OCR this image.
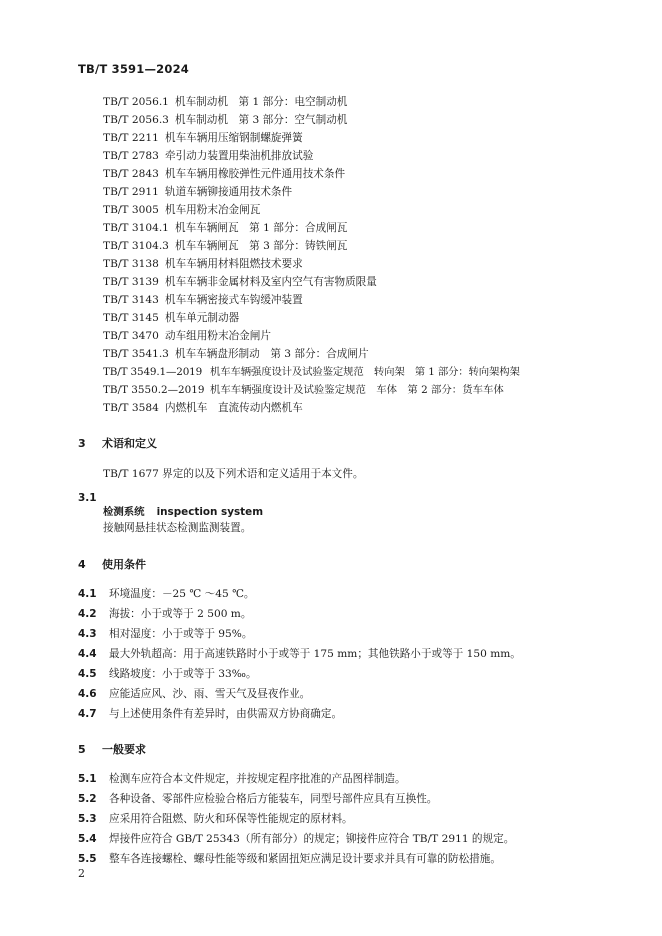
TB/T 3591—2024
TB/T 2056.1 机车制动机　第 1 部分：电空制动机
TB/T 2056.3 机车制动机　第 3 部分：空气制动机
TB/T 2211 机车车辆用压缩钢制螺旋弹簧
TB/T 2783 牵引动力装置用柴油机排放试验
TB/T 2843 机车车辆用橡胶弹性元件通用技术条件
TB/T 2911 轨道车辆铆接通用技术条件
TB/T 3005 机车用粉末冶金闸瓦
TB/T 3104.1 机车车辆闸瓦　第 1 部分：合成闸瓦
TB/T 3104.3 机车车辆闸瓦　第 3 部分：铸铁闸瓦
TB/T 3138 机车车辆用材料阻燃技术要求
TB/T 3139 机车车辆非金属材料及室内空气有害物质限量
TB/T 3143 机车车辆密接式车钩缓冲装置
TB/T 3145 机车单元制动器
TB/T 3470 动车组用粉末冶金闸片
TB/T 3541.3 机车车辆盘形制动　第 3 部分：合成闸片
TB/T 3549.1—2019 机车车辆强度设计及试验鉴定规范　转向架　第 1 部分：转向架构架
TB/T 3550.2—2019 机车车辆强度设计及试验鉴定规范　车体　第 2 部分：货车车体
TB/T 3584 内燃机车　直流传动内燃机车
3 术语和定义
TB/T 1677 界定的以及下列术语和定义适用于本文件。
3.1
检测系统 inspection system
接触网悬挂状态检测监测装置。
4 使用条件
4.1 环境温度：－25 ℃ ～45 ℃。
4.2 海拔：小于或等于 2 500 m。
4.3 相对湿度：小于或等于 95%。
4.4 最大外轨超高：用于高速铁路时小于或等于 175 mm；其他铁路小于或等于 150 mm。
4.5 线路坡度：小于或等于 33‰。
4.6 应能适应风、沙、雨、雪天气及昼夜作业。
4.7 与上述使用条件有差异时，由供需双方协商确定。
5 一般要求
5.1 检测车应符合本文件规定，并按规定程序批准的产品图样制造。
5.2 各种设备、零部件应检验合格后方能装车，同型号部件应具有互换性。
5.3 应采用符合阻燃、防火和环保等性能规定的原材料。
5.4 焊接件应符合 GB/T 25343（所有部分）的规定；铆接件应符合 TB/T 2911 的规定。
5.5 整车各连接螺栓、螺母性能等级和紧固扭矩应满足设计要求并具有可靠的防松措施。
2
